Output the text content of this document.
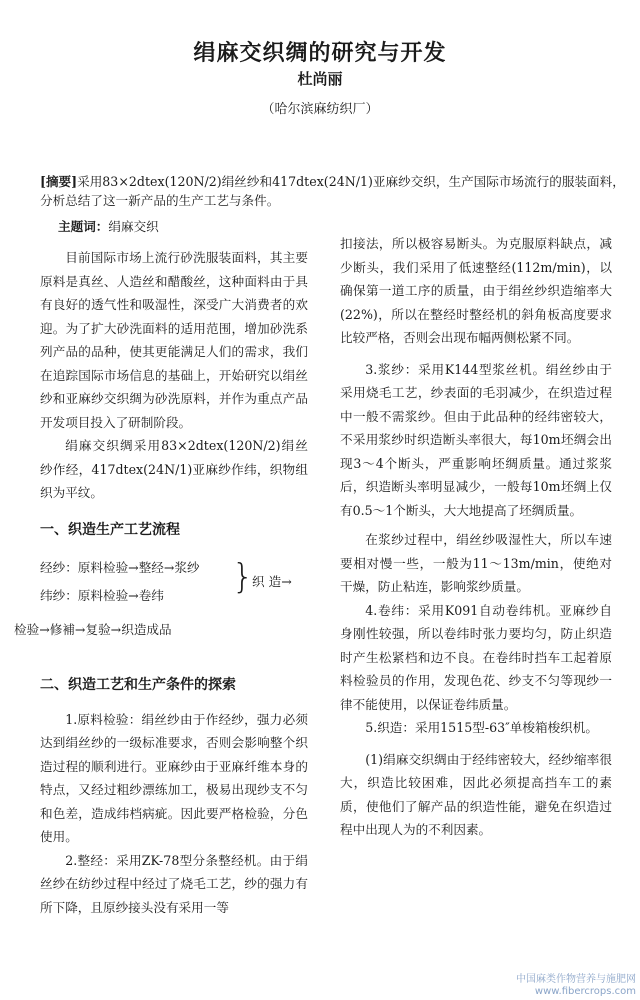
绢麻交织绸的研究与开发
杜尚丽
（哈尔滨麻纺织厂）
[摘要]采用83×2dtex(120N/2)绢丝纱和417dtex(24N/1)亚麻纱交织，生产国际市场流行的服装面料，分析总结了这一新产品的生产工艺与条件。
主题词：绢麻交织

目前国际市场上流行砂洗服装面料，其主要原料是真丝、人造丝和醋酸丝，这种面料由于具有良好的透气性和吸湿性，深受广大消费者的欢迎。为了扩大砂洗面料的适用范围，增加砂洗系列产品的品种，使其更能满足人们的需求，我们在追踪国际市场信息的基础上，开始研究以绢丝纱和亚麻纱交织绸为砂洗原料，并作为重点产品开发项目投入了研制阶段。

绢麻交织绸采用83×2dtex(120N/2)绢丝纱作经，417dtex(24N/1)亚麻纱作纬，织物组织为平纹。

一、织造生产工艺流程
经纱：原料检验→整经→浆纱
纬纱：原料检验→卷纬 }
织 造→
检验→修補→复验→织造成品
二、织造工艺和生产条件的探索

1.原料检验：绢丝纱由于作经纱，强力必须达到绢丝纱的一级标准要求，否则会影响整个织造过程的顺利进行。亚麻纱由于亚麻纤维本身的特点，又经过粗纱漂练加工，极易出现纱支不匀和色差，造成纬档病疵。因此要严格检验，分色使用。

2.整经：采用ZK-78型分条整经机。由于绢丝纱在纺纱过程中经过了烧毛工艺，纱的强力有所下降，且原纱接头没有采用一等

扣接法，所以极容易断头。为克服原料缺点，减少断头，我们采用了低速整经(112m/min)，以确保第一道工序的质量，由于绢丝纱织造缩率大(22%)，所以在整经时整经机的斜角板高度要求比较严格，否则会出现布幅两侧松紧不同。

3.浆纱：采用K144型浆丝机。绢丝纱由于采用烧毛工艺，纱表面的毛羽减少，在织造过程中一般不需浆纱。但由于此品种的经纬密较大，不采用浆纱时织造断头率很大，每10m坯绸会出现3～4个断头，严重影响坯绸质量。通过浆浆后，织造断头率明显减少，一般每10m坯绸上仅有0.5～1个断头，大大地提高了坯绸质量。

在浆纱过程中，绢丝纱吸湿性大，所以车速要相对慢一些，一般为11～13m/min，使绝对干燥，防止粘连，影响浆纱质量。

4.卷纬：采用K091自动卷纬机。亚麻纱自身刚性较强，所以卷纬时张力要均匀，防止织造时产生松紧档和边不良。在卷纬时挡车工起着原料检验员的作用，发现色花、纱支不匀等现纱一律不能使用，以保证卷纬质量。

5.织造：采用1515型-63″单梭箱梭织机。

(1)绢麻交织绸由于经纬密较大，经纱缩率很大，织造比较困难，因此必须提高挡车工的素质，使他们了解产品的织造性能，避免在织造过程中出现人为的不利因素。

中国麻类作物营养与施肥网
www.fibercrops.com
